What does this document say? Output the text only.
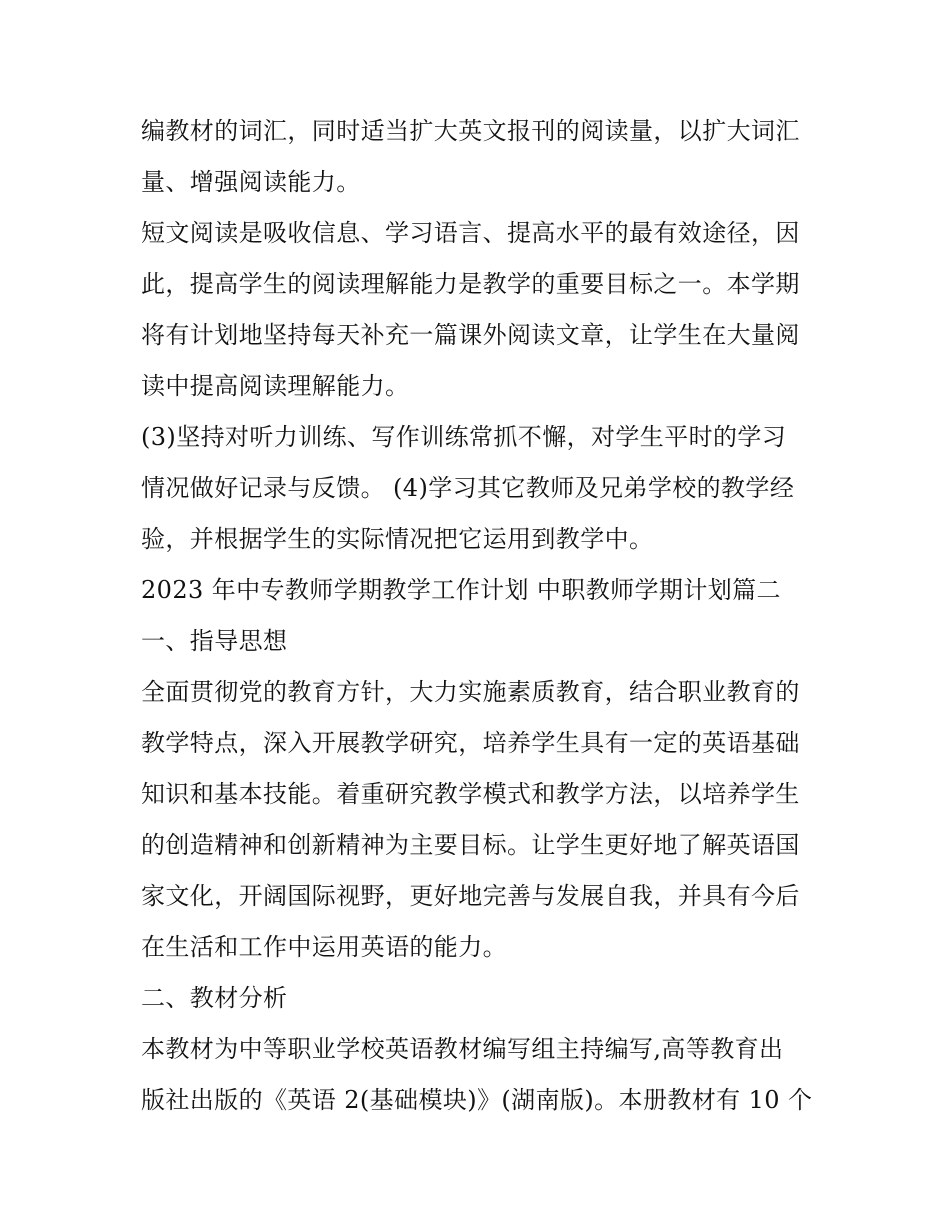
编教材的词汇，同时适当扩大英文报刊的阅读量，以扩大词汇
量、增强阅读能力。
短文阅读是吸收信息、学习语言、提高水平的最有效途径，因
此，提高学生的阅读理解能力是教学的重要目标之一。本学期
将有计划地坚持每天补充一篇课外阅读文章，让学生在大量阅
读中提高阅读理解能力。
(3)坚持对听力训练、写作训练常抓不懈，对学生平时的学习
情况做好记录与反馈。 (4)学习其它教师及兄弟学校的教学经
验，并根据学生的实际情况把它运用到教学中。
2023 年中专教师学期教学工作计划 中职教师学期计划篇二
一、指导思想
全面贯彻党的教育方针，大力实施素质教育，结合职业教育的
教学特点，深入开展教学研究，培养学生具有一定的英语基础
知识和基本技能。着重研究教学模式和教学方法，以培养学生
的创造精神和创新精神为主要目标。让学生更好地了解英语国
家文化，开阔国际视野，更好地完善与发展自我，并具有今后
在生活和工作中运用英语的能力。
二、教材分析
本教材为中等职业学校英语教材编写组主持编写,高等教育出
版社出版的《英语 2(基础模块)》(湖南版)。本册教材有 10 个
